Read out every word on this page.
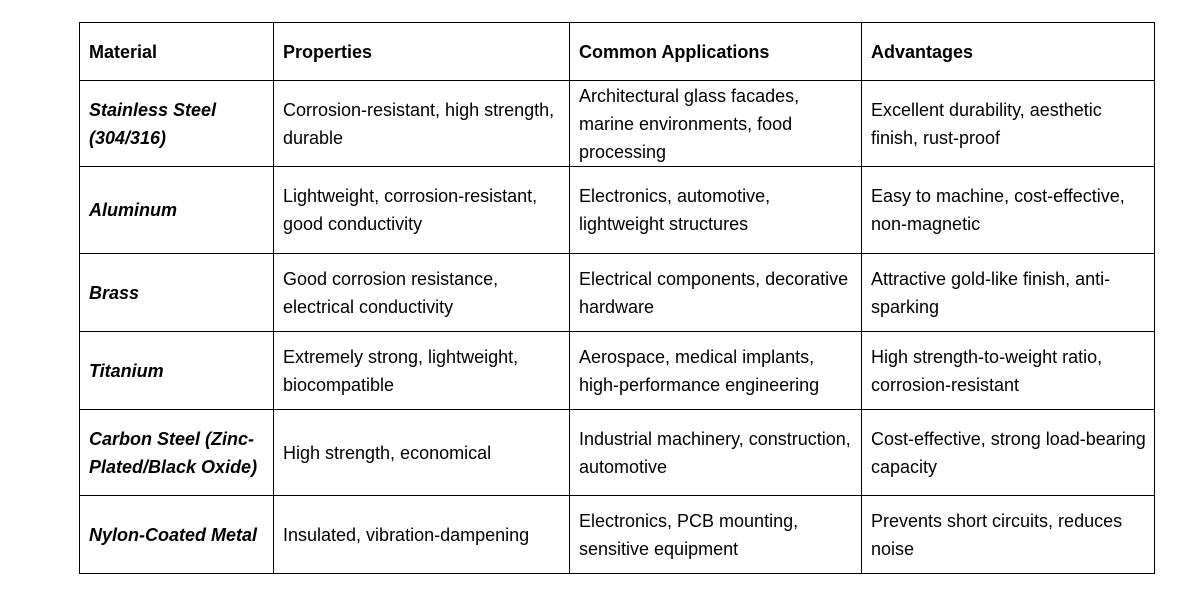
Material	Properties	Common Applications	Advantages
Stainless Steel (304/316)	Corrosion-resistant, high strength, durable	Architectural glass facades, marine environments, food processing	Excellent durability, aesthetic finish, rust-proof
Aluminum	Lightweight, corrosion-resistant, good conductivity	Electronics, automotive, lightweight structures	Easy to machine, cost-effective, non-magnetic
Brass	Good corrosion resistance, electrical conductivity	Electrical components, decorative hardware	Attractive gold-like finish, anti-sparking
Titanium	Extremely strong, lightweight, biocompatible	Aerospace, medical implants, high-performance engineering	High strength-to-weight ratio, corrosion-resistant
Carbon Steel (Zinc-Plated/Black Oxide)	High strength, economical	Industrial machinery, construction, automotive	Cost-effective, strong load-bearing capacity
Nylon-Coated Metal	Insulated, vibration-dampening	Electronics, PCB mounting, sensitive equipment	Prevents short circuits, reduces noise
